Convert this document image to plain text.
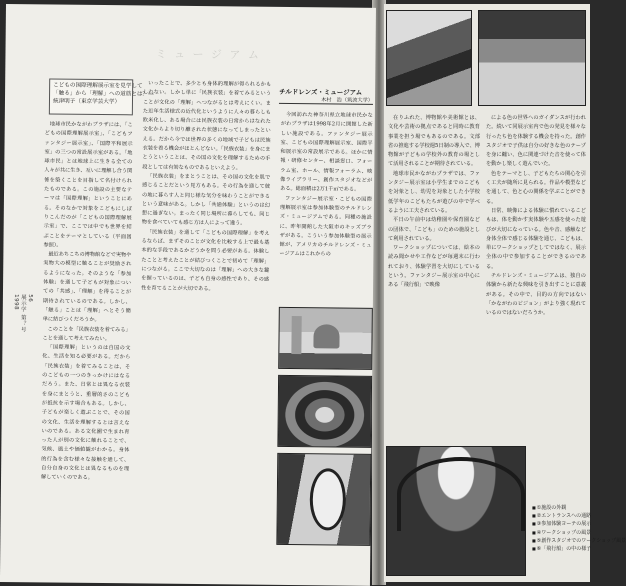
ミ ュ ー ジ ア ム
こどもの国際理解展示室を見学して
「触る」から「理解」への道筋とは？―
統津明子（東京学芸大学）
56
展示学 第？号
1998

地球市民かながわプラザには、「こどもの国際理解展示室」、「こどもファンタジー展示室」、「国際平和展示室」の三つの常設展示室がある。「地球市民」とは地球上に生きる全ての人々が共に生き、互いに理解し合う関係を築くことを目指して名付けられたものである。この施設の主要なテーマは「国際理解」ということにある。そのなかで対象をこどもにしぼりこんだのが「こどもの国際理解展示室」で、ここでは中でも世界を結ぶことをテーマとしている（平面図参照）。

最近あちこちの博物館などで実物や実物大の模型に触ることが奨励されるようになった。そのような「参加体験」を通して子どもが対象についての「共感」、「理解」を得ることが期待されているのである。しかし、「触る」ことは「理解」へとそう簡単に結びつくだろうか。

このことを「民族衣装を着てみる」ことを通して考えてみたい。

「国際理解」というのは自国の文化、生活を知る必要がある。だから「民族衣装」を着てみることは、そのこどもの一つのきっかけにはなるだろう。また、日常とは異なる衣装を身にまとうと、重層的さのこどもが抵抗を示す場合もある。しかし、子どもが楽しく遊ぶことで、その国の文化、生活を理解するとは言えないのである。ある文化圏で生まれ育った人が別の文化に触れることで、気候、風土や価値観がわかる。身体的行為を含む様々な接触を通して、自分自身の文化とは異なるものを理解していくのである。

いったことで、多少とも身体的理解が得られるかもしれない。しかし単に「民族衣装」を着てみるということが文化の「理解」へつながるとは考えにくい。また近年生活様式の近代化というように人々の暮らしも欧米化し、ある場合には民族衣装の日常からはなれた文化からより切り離された状態になってしまったといえる。だから今では世界の多くの地域で子どもは民族衣装を着る機会がほとんどない。「民族衣装」を身にまとうということは、その国の文化を理解するための手段としては有効なものであるといえよう。

「民族衣装」をまとうことは、その国の文化を肌で感じることだという見方もある。その行為を通して彼の地に暮らす人と同じ様な気分を味わうことができるという意味がある。しかし「共通体験」というのは幻想に過ぎない。まったく同じ場所に暮らしても、同じ物を食べていても感じ方は人によって違う。

「民族衣装」を通して「こどもの国際理解」を考えるならば、まずそのことが文化を比較する上で最も基本的な手段であるかどうかを問う必要がある。体験したことと考えたことが結びつくことで初めて「理解」につながる。ここで大切なのは「理解」への大きな鍵を握っているのは、子ども自身の感性であり、その感性を育てることが大切である。

チルドレンズ・ミュージアム
木村　浩（筑波大学）

今回訪れた神奈川県立地球市民かながわプラザは1998年2月に開館した新しい施設である。ファンタジー展示室、こどもの国際理解展示室、国際平和展示室の常設展示である。ほかに情報・研修センター、相談窓口、フォーラム室、ホール、情報フォーラム、映像ライブラリー、創作スタジオなどがある。総面積は2万1千㎡である。

ファンタジー展示室・こどもの国際理解展示室は参加体験型のチルドレンズ・ミュージアムである。同種の施設に、昨年開館した大阪市のキッズプラザがある。こういう参加体験型の展示館が、アメリカのチルドレンズ・ミュージアムはこれからの

在りふれた、博物館や美術館とは、文化や芸術の拠点であると同時に教育事業を担う場でもあるのである。文部省の推進する学校週5日制の導入で、博物館が子どもの学校外の教育の場として活用されることが期待されている。

地球市民かながわプラザでは、ファンタジー展示室は小学生までのこどもを対象とし、幼児を対象とした小学校低学年のこどもたちが遊びの中で学べるように工夫されている。

平日の午前中は幼稚園や保育園などの団体で、「こども」のための施設として利用されている。

ワークショップについては、絵本の読み聞かせや工作などが毎週末に行われており、体験学習を大切にしているという。ファンタジー展示室の中心にある「飛行船」で映像

による色の世界へのガイダンスが行われた。続いて同展示室内で色の発見を様々な行ったち色を体験する機会を持った。創作スタジオで子供は自分の好きな色のテープを身に纏い、色に関連づけた音を使って体を動かし楽しく遊んでいた。

色をテーマとし、子どもたちの関心を引く工夫が随所に見られる。作品や模型などを通して、色と心の関係を学ぶことができる。

日常、映像による体験に慣れているこどもは、体を動かす実体験や五感を使った遊びが大切になっている。色や音、感触など身体全体で感じる体験を通じ、こどもは、単にワークショップとしてではなく、展示全体の中で参加することができるのである。

チルドレンズ・ミュージアムは、独自の体験から新たな興味を引き出すことに意義がある。その中で、目的の方向ではない「かながわのビジョン」がより強く現れているのではないだろうか。

■ ①施設の外観
■ ②エントランスへの通路
■ ③参加体験ヨーテの展示
■ ④ワークショップの風景
■ ⑤創作スタジオでのワークショップ風景
■ ⑥「飛行船」の中の様子
